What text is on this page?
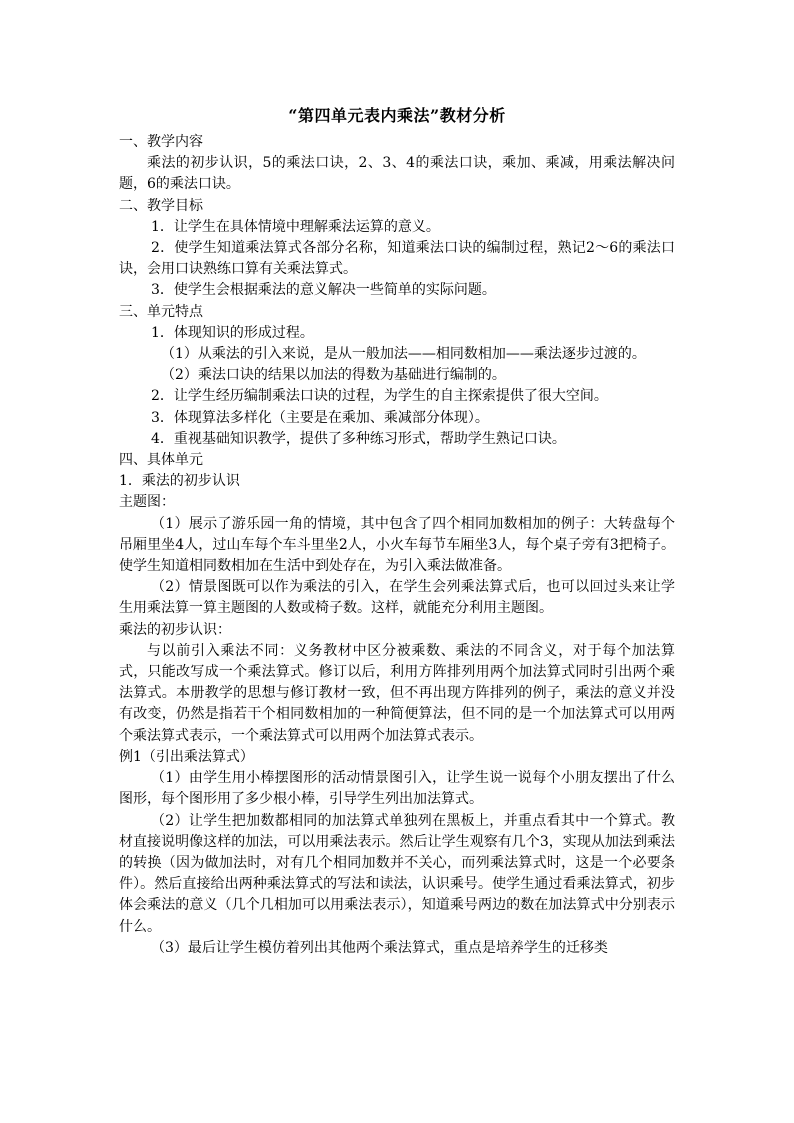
“第四单元表内乘法”教材分析

一、教学内容

乘法的初步认识，5的乘法口诀，2、3、4的乘法口诀，乘加、乘减，用乘法解决问题，6的乘法口诀。

二、教学目标

1．让学生在具体情境中理解乘法运算的意义。

2．使学生知道乘法算式各部分名称，知道乘法口诀的编制过程，熟记2～6的乘法口诀，会用口诀熟练口算有关乘法算式。

3．使学生会根据乘法的意义解决一些简单的实际问题。

三、单元特点

1．体现知识的形成过程。

（1）从乘法的引入来说，是从一般加法——相同数相加——乘法逐步过渡的。

（2）乘法口诀的结果以加法的得数为基础进行编制的。

2．让学生经历编制乘法口诀的过程，为学生的自主探索提供了很大空间。

3．体现算法多样化（主要是在乘加、乘减部分体现）。

4．重视基础知识教学，提供了多种练习形式，帮助学生熟记口诀。

四、具体单元

1．乘法的初步认识

主题图：

（1）展示了游乐园一角的情境，其中包含了四个相同加数相加的例子：大转盘每个吊厢里坐4人，过山车每个车斗里坐2人，小火车每节车厢坐3人，每个桌子旁有3把椅子。使学生知道相同数相加在生活中到处存在，为引入乘法做准备。

（2）情景图既可以作为乘法的引入，在学生会列乘法算式后，也可以回过头来让学生用乘法算一算主题图的人数或椅子数。这样，就能充分利用主题图。

乘法的初步认识：

与以前引入乘法不同：义务教材中区分被乘数、乘法的不同含义，对于每个加法算式，只能改写成一个乘法算式。修订以后，利用方阵排列用两个加法算式同时引出两个乘法算式。本册教学的思想与修订教材一致，但不再出现方阵排列的例子，乘法的意义并没有改变，仍然是指若干个相同数相加的一种简便算法，但不同的是一个加法算式可以用两个乘法算式表示，一个乘法算式可以用两个加法算式表示。

例1（引出乘法算式）

（1）由学生用小棒摆图形的活动情景图引入，让学生说一说每个小朋友摆出了什么图形，每个图形用了多少根小棒，引导学生列出加法算式。

（2）让学生把加数都相同的加法算式单独列在黑板上，并重点看其中一个算式。教材直接说明像这样的加法，可以用乘法表示。然后让学生观察有几个3，实现从加法到乘法的转换（因为做加法时，对有几个相同加数并不关心，而列乘法算式时，这是一个必要条件）。然后直接给出两种乘法算式的写法和读法，认识乘号。使学生通过看乘法算式，初步体会乘法的意义（几个几相加可以用乘法表示），知道乘号两边的数在加法算式中分别表示什么。

（3）最后让学生模仿着列出其他两个乘法算式，重点是培养学生的迁移类
